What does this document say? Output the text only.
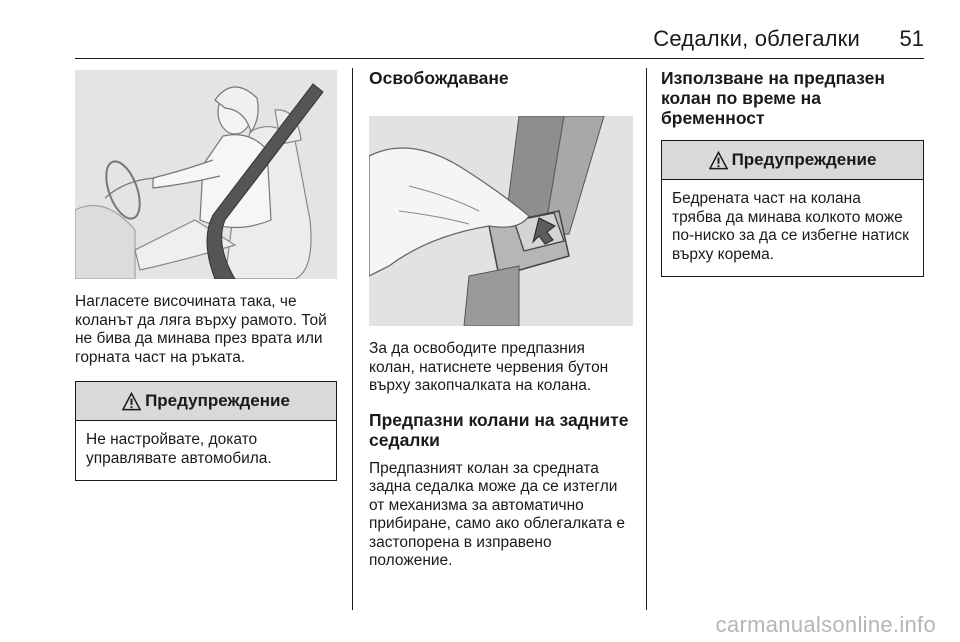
Седалки, облегалки 51

Нагласете височината така, че коланът да ляга върху рамото. Той не бива да минава през врата или горната част на ръката.

Предупреждение
Не настройвате, докато управлявате автомобила.
Освобождаване

За да освободите предпазния колан, натиснете червения бутон върху закопчалката на колана.

Предпазни колани на задните седалки

Предпазният колан за средната задна седалка може да се изтегли от механизма за автоматично прибиране, само ако облегалката е застопорена в изправено положение.

Използване на предпазен колан по време на бременност
Предупреждение
Бедрената част на колана трябва да минава колкото може по-ниско за да се избегне натиск върху корема.
carmanualsonline.info
